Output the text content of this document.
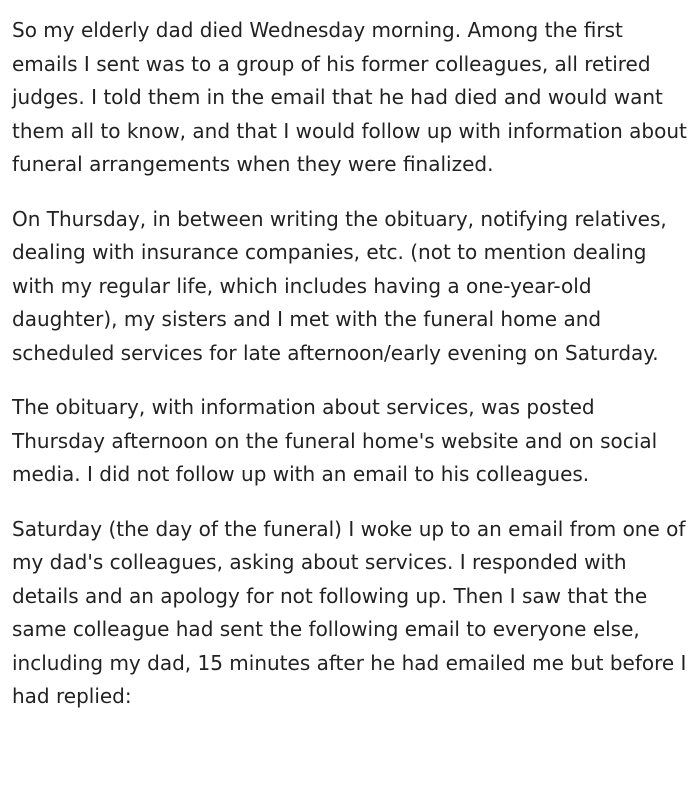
So my elderly dad died Wednesday morning. Among the first emails I sent was to a group of his former colleagues, all retired judges. I told them in the email that he had died and would want them all to know, and that I would follow up with information about funeral arrangements when they were finalized.

On Thursday, in between writing the obituary, notifying relatives, dealing with insurance companies, etc. (not to mention dealing with my regular life, which includes having a one-year-old daughter), my sisters and I met with the funeral home and scheduled services for late afternoon/early evening on Saturday.

The obituary, with information about services, was posted Thursday afternoon on the funeral home's website and on social media. I did not follow up with an email to his colleagues.

Saturday (the day of the funeral) I woke up to an email from one of my dad's colleagues, asking about services. I responded with details and an apology for not following up. Then I saw that the same colleague had sent the following email to everyone else, including my dad, 15 minutes after he had emailed me but before I had replied:
